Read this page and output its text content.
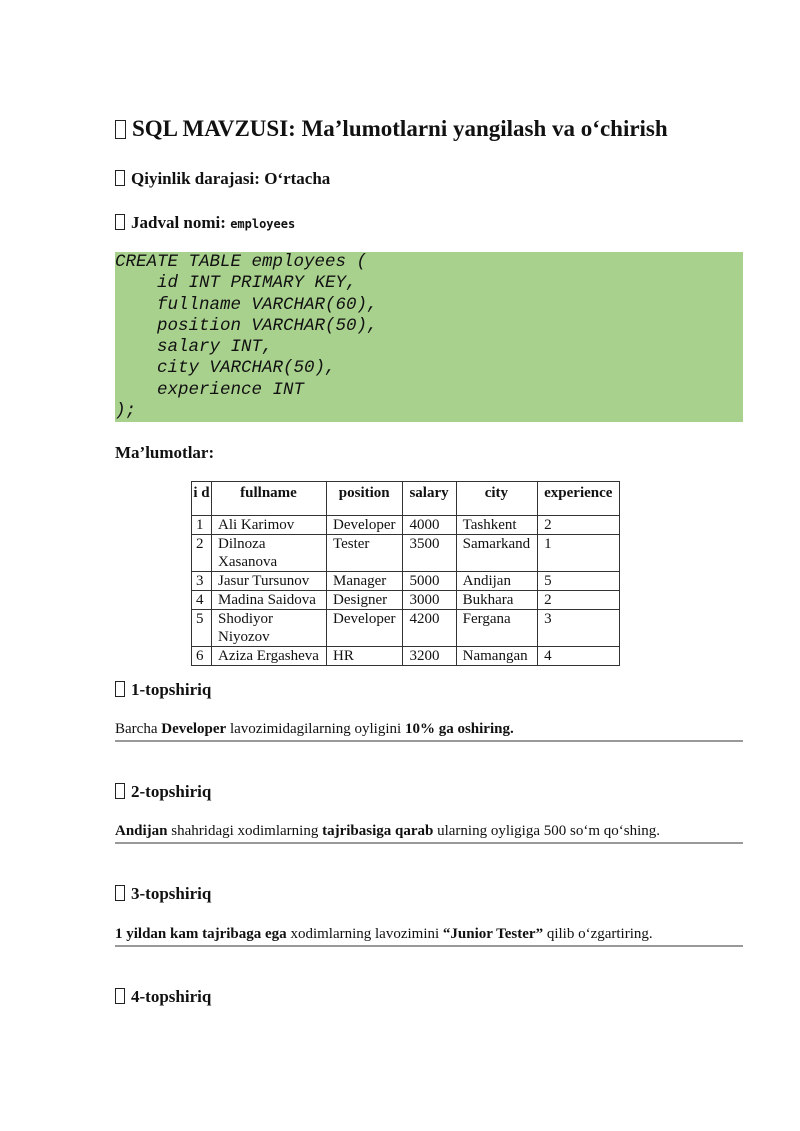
SQL MAVZUSI: Ma’lumotlarni yangilash va o‘chirish

Qiyinlik darajasi: O‘rtacha

Jadval nomi: employees

CREATE TABLE employees (
id INT PRIMARY KEY,
fullname VARCHAR(60),
position VARCHAR(50),
salary INT,
city VARCHAR(50),
experience INT
);

Ma’lumotlar:

i d	fullname	position	salary	city	experience
1	Ali Karimov	Developer	4000	Tashkent	2
2	Dilnoza Xasanova	Tester	3500	Samarkand	1
3	Jasur Tursunov	Manager	5000	Andijan	5
4	Madina Saidova	Designer	3000	Bukhara	2
5	Shodiyor Niyozov	Developer	4200	Fergana	3
6	Aziza Ergasheva	HR	3200	Namangan	4

1-topshiriq

Barcha Developer lavozimidagilarning oyligini 10% ga oshiring.

2-topshiriq

Andijan shahridagi xodimlarning tajribasiga qarab ularning oyligiga 500 so‘m qo‘shing.

3-topshiriq

1 yildan kam tajribaga ega xodimlarning lavozimini “Junior Tester” qilib o‘zgartiring.

4-topshiriq
